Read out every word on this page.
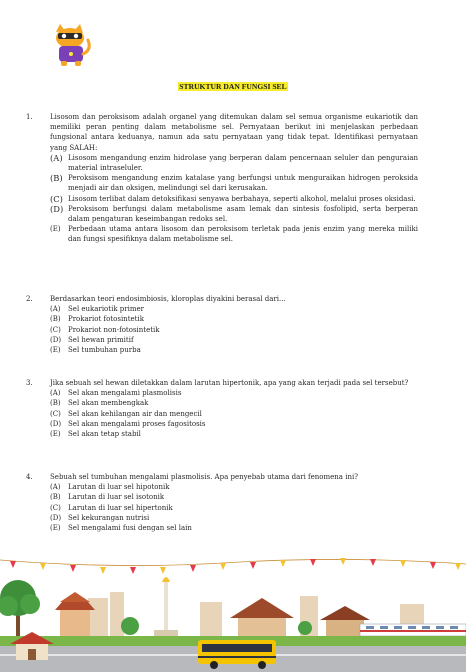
STRUKTUR DAN FUNGSI SEL
1. Lisosom dan peroksisom adalah organel yang ditemukan dalam sel semua organisme eukariotik dan memiliki peran penting dalam metabolisme sel. Pernyataan berikut ini menjelaskan perbedaan fungsional antara keduanya, namun ada satu pernyataan yang tidak tepat. Identifikasi pernyataan yang SALAH:
(A) Lisosom mengandung enzim hidrolase yang berperan dalam pencernaan seluler dan penguraian material intraseluler.
(B) Peroksisom mengandung enzim katalase yang berfungsi untuk menguraikan hidrogen peroksida menjadi air dan oksigen, melindungi sel dari kerusakan.
(C) Lisosom terlibat dalam detoksifikasi senyawa berbahaya, seperti alkohol, melalui proses oksidasi.
(D) Peroksisom berfungsi dalam metabolisme asam lemak dan sintesis fosfolipid, serta berperan dalam pengaturan keseimbangan redoks sel.
(E) Perbedaan utama antara lisosom dan peroksisom terletak pada jenis enzim yang mereka miliki dan fungsi spesifiknya dalam metabolisme sel.
2. Berdasarkan teori endosimbiosis, kloroplas diyakini berasal dari...
(A) Sel eukariotik primer
(B) Prokariot fotosintetik
(C) Prokariot non-fotosintetik
(D) Sel hewan primitif
(E) Sel tumbuhan purba
3. Jika sebuah sel hewan diletakkan dalam larutan hipertonik, apa yang akan terjadi pada sel tersebut?
(A) Sel akan mengalami plasmolisis
(B) Sel akan membengkak
(C) Sel akan kehilangan air dan mengecil
(D) Sel akan mengalami proses fagositosis
(E) Sel akan tetap stabil
4. Sebuah sel tumbuhan mengalami plasmolisis. Apa penyebab utama dari fenomena ini?
(A) Larutan di luar sel hipotonik
(B) Larutan di luar sel isotonik
(C) Larutan di luar sel hipertonik
(D) Sel kekurangan nutrisi
(E) Sel mengalami fusi dengan sel lain
